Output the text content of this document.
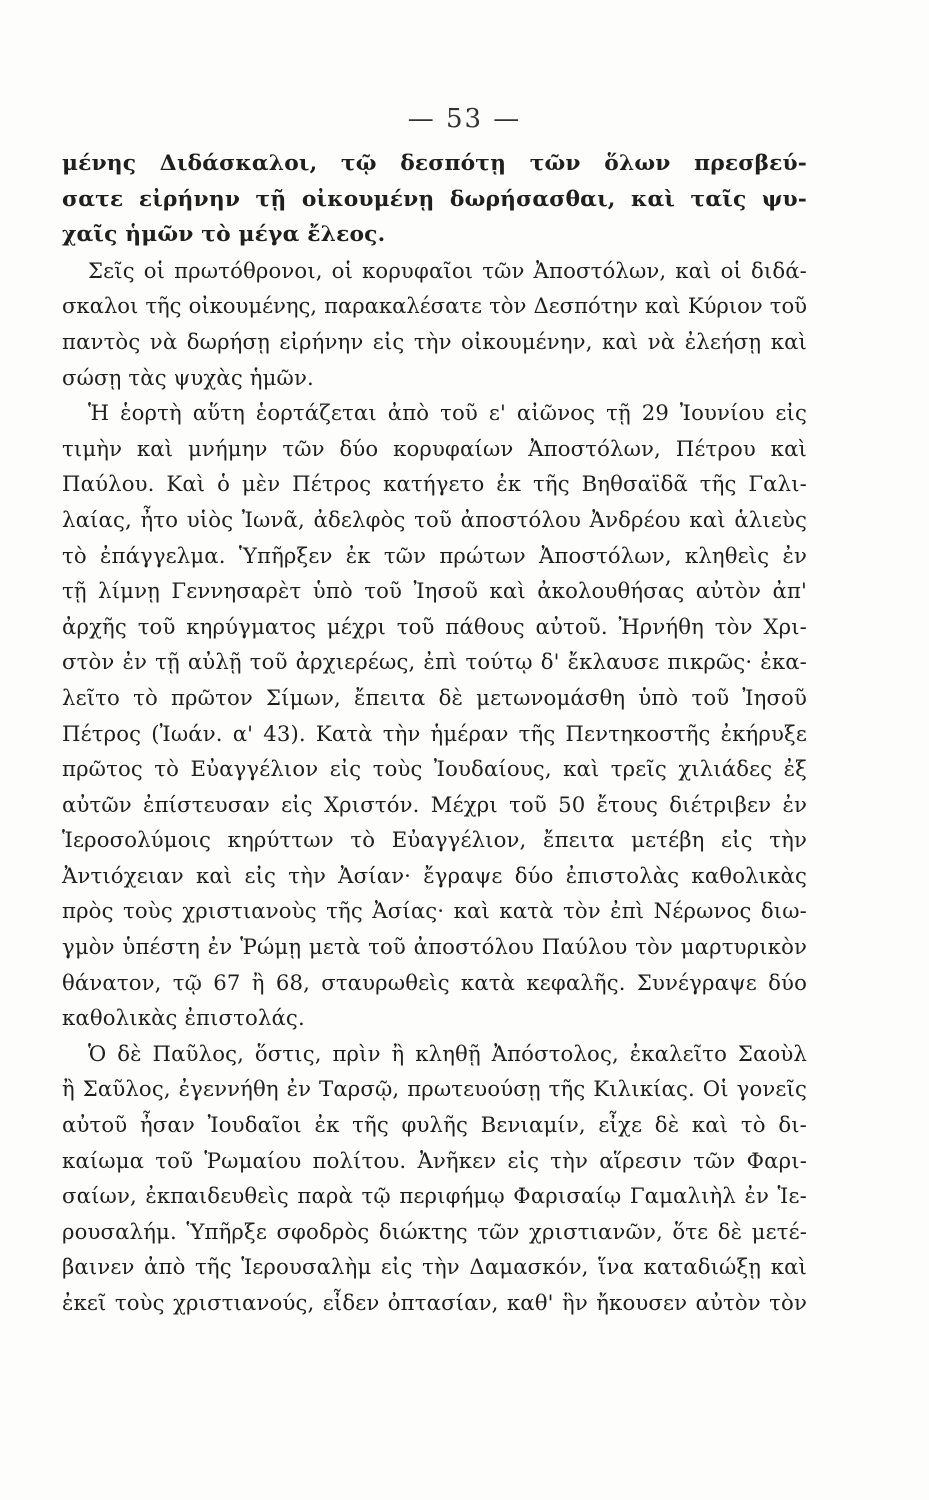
— 53 —
μένης Διδάσκαλοι, τῷ δεσπότῃ τῶν ὅλων πρεσβεύ-
σατε εἰρήνην τῇ οἰκουμένῃ δωρήσασθαι, καὶ ταῖς ψυ-
χαῖς ἡμῶν τὸ μέγα ἔλεος.
Σεῖς οἱ πρωτόθρονοι, οἱ κορυφαῖοι τῶν Ἀποστόλων, καὶ οἱ διδά-
σκαλοι τῆς οἰκουμένης, παρακαλέσατε τὸν Δεσπότην καὶ Κύριον τοῦ
παντὸς νὰ δωρήσῃ εἰρήνην εἰς τὴν οἰκουμένην, καὶ νὰ ἐλεήσῃ καὶ
σώσῃ τὰς ψυχὰς ἡμῶν.
Ἡ ἑορτὴ αὕτη ἑορτάζεται ἀπὸ τοῦ ε' αἰῶνος τῇ 29 Ἰουνίου εἰς
τιμὴν καὶ μνήμην τῶν δύο κορυφαίων Ἀποστόλων, Πέτρου καὶ
Παύλου. Καὶ ὁ μὲν Πέτρος κατήγετο ἐκ τῆς Βηθσαϊδᾶ τῆς Γαλι-
λαίας, ἦτο υἱὸς Ἰωνᾶ, ἀδελφὸς τοῦ ἀποστόλου Ἀνδρέου καὶ ἁλιεὺς
τὸ ἐπάγγελμα. Ὑπῆρξεν ἐκ τῶν πρώτων Ἀποστόλων, κληθεὶς ἐν
τῇ λίμνῃ Γεννησαρὲτ ὑπὸ τοῦ Ἰησοῦ καὶ ἀκολουθήσας αὐτὸν ἀπ'
ἀρχῆς τοῦ κηρύγματος μέχρι τοῦ πάθους αὐτοῦ. Ἠρνήθη τὸν Χρι-
στὸν ἐν τῇ αὐλῇ τοῦ ἀρχιερέως, ἐπὶ τούτῳ δ' ἔκλαυσε πικρῶς· ἐκα-
λεῖτο τὸ πρῶτον Σίμων, ἔπειτα δὲ μετωνομάσθη ὑπὸ τοῦ Ἰησοῦ
Πέτρος (Ἰωάν. α' 43). Κατὰ τὴν ἡμέραν τῆς Πεντηκοστῆς ἐκήρυξε
πρῶτος τὸ Εὐαγγέλιον εἰς τοὺς Ἰουδαίους, καὶ τρεῖς χιλιάδες ἐξ
αὐτῶν ἐπίστευσαν εἰς Χριστόν. Μέχρι τοῦ 50 ἔτους διέτριβεν ἐν
Ἱεροσολύμοις κηρύττων τὸ Εὐαγγέλιον, ἔπειτα μετέβη εἰς τὴν
Ἀντιόχειαν καὶ εἰς τὴν Ἀσίαν· ἔγραψε δύο ἐπιστολὰς καθολικὰς
πρὸς τοὺς χριστιανοὺς τῆς Ἀσίας· καὶ κατὰ τὸν ἐπὶ Νέρωνος διω-
γμὸν ὑπέστη ἐν Ῥώμῃ μετὰ τοῦ ἀποστόλου Παύλου τὸν μαρτυρικὸν
θάνατον, τῷ 67 ἢ 68, σταυρωθεὶς κατὰ κεφαλῆς. Συνέγραψε δύο
καθολικὰς ἐπιστολάς.
Ὁ δὲ Παῦλος, ὅστις, πρὶν ἢ κληθῇ Ἀπόστολος, ἐκαλεῖτο Σαοὺλ
ἢ Σαῦλος, ἐγεννήθη ἐν Ταρσῷ, πρωτευούσῃ τῆς Κιλικίας. Οἱ γονεῖς
αὐτοῦ ἦσαν Ἰουδαῖοι ἐκ τῆς φυλῆς Βενιαμίν, εἶχε δὲ καὶ τὸ δι-
καίωμα τοῦ Ῥωμαίου πολίτου. Ἀνῆκεν εἰς τὴν αἵρεσιν τῶν Φαρι-
σαίων, ἐκπαιδευθεὶς παρὰ τῷ περιφήμῳ Φαρισαίῳ Γαμαλιὴλ ἐν Ἱε-
ρουσαλήμ. Ὑπῆρξε σφοδρὸς διώκτης τῶν χριστιανῶν, ὅτε δὲ μετέ-
βαινεν ἀπὸ τῆς Ἱερουσαλὴμ εἰς τὴν Δαμασκόν, ἵνα καταδιώξῃ καὶ
ἐκεῖ τοὺς χριστιανούς, εἶδεν ὀπτασίαν, καθ' ἣν ἤκουσεν αὐτὸν τὸν
